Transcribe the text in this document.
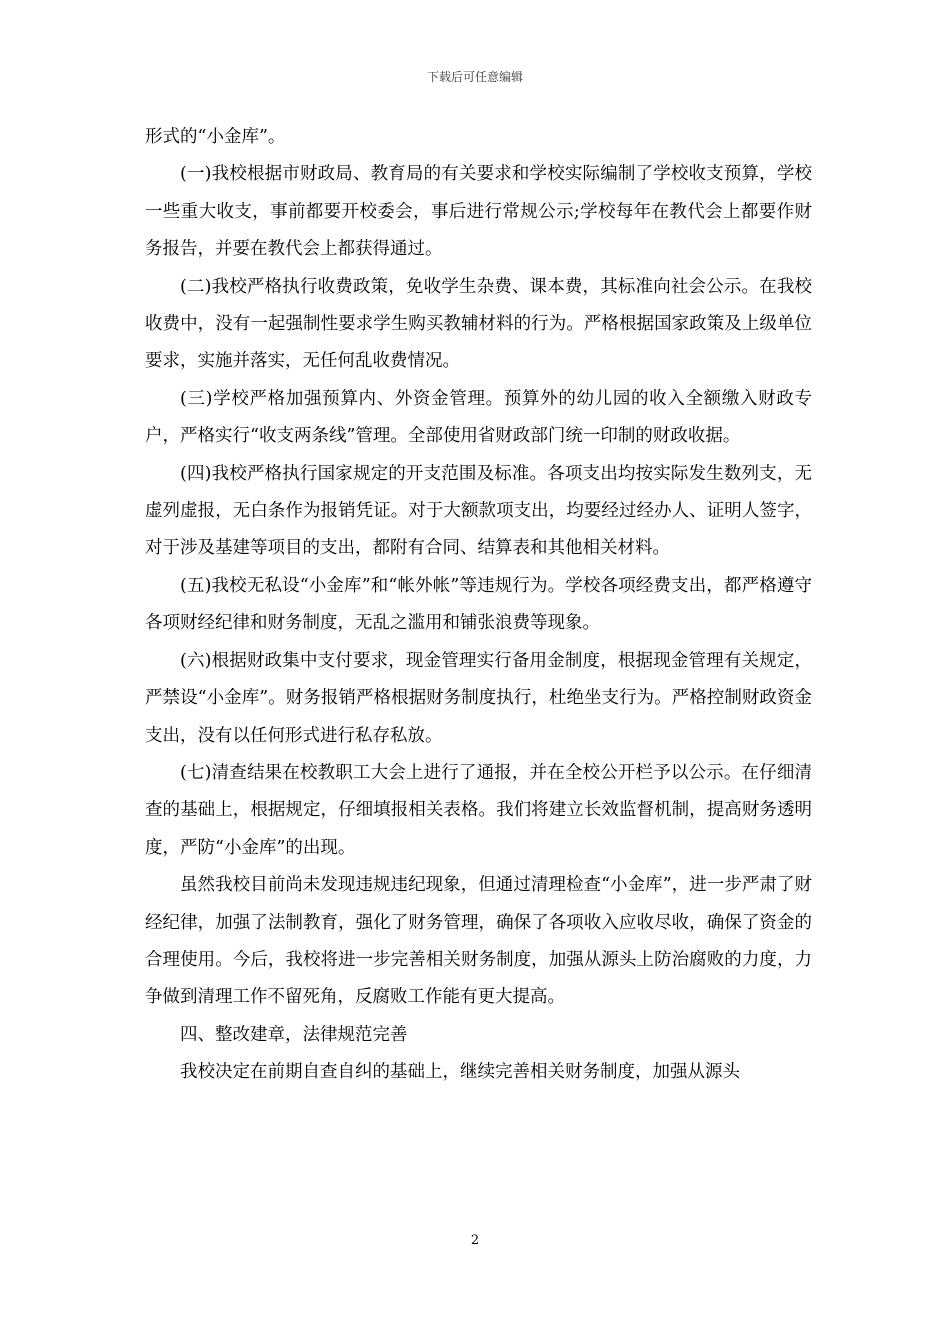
下载后可任意编辑

形式的“小金库”。

(一)我校根据市财政局、教育局的有关要求和学校实际编制了学校收支预算，学校一些重大收支，事前都要开校委会，事后进行常规公示;学校每年在教代会上都要作财务报告，并要在教代会上都获得通过。

(二)我校严格执行收费政策，免收学生杂费、课本费，其标准向社会公示。在我校收费中，没有一起强制性要求学生购买教辅材料的行为。严格根据国家政策及上级单位要求，实施并落实，无任何乱收费情况。

(三)学校严格加强预算内、外资金管理。预算外的幼儿园的收入全额缴入财政专户，严格实行“收支两条线”管理。全部使用省财政部门统一印制的财政收据。

(四)我校严格执行国家规定的开支范围及标准。各项支出均按实际发生数列支，无虚列虚报，无白条作为报销凭证。对于大额款项支出，均要经过经办人、证明人签字，对于涉及基建等项目的支出，都附有合同、结算表和其他相关材料。

(五)我校无私设“小金库”和“帐外帐”等违规行为。学校各项经费支出，都严格遵守各项财经纪律和财务制度，无乱之滥用和铺张浪费等现象。

(六)根据财政集中支付要求，现金管理实行备用金制度，根据现金管理有关规定，严禁设“小金库”。财务报销严格根据财务制度执行，杜绝坐支行为。严格控制财政资金支出，没有以任何形式进行私存私放。

(七)清查结果在校教职工大会上进行了通报，并在全校公开栏予以公示。在仔细清查的基础上，根据规定，仔细填报相关表格。我们将建立长效监督机制，提高财务透明度，严防“小金库”的出现。

虽然我校目前尚未发现违规违纪现象，但通过清理检查“小金库”，进一步严肃了财经纪律，加强了法制教育，强化了财务管理，确保了各项收入应收尽收，确保了资金的合理使用。今后，我校将进一步完善相关财务制度，加强从源头上防治腐败的力度，力争做到清理工作不留死角，反腐败工作能有更大提高。

四、整改建章，法律规范完善

我校决定在前期自查自纠的基础上，继续完善相关财务制度，加强从源头

2
